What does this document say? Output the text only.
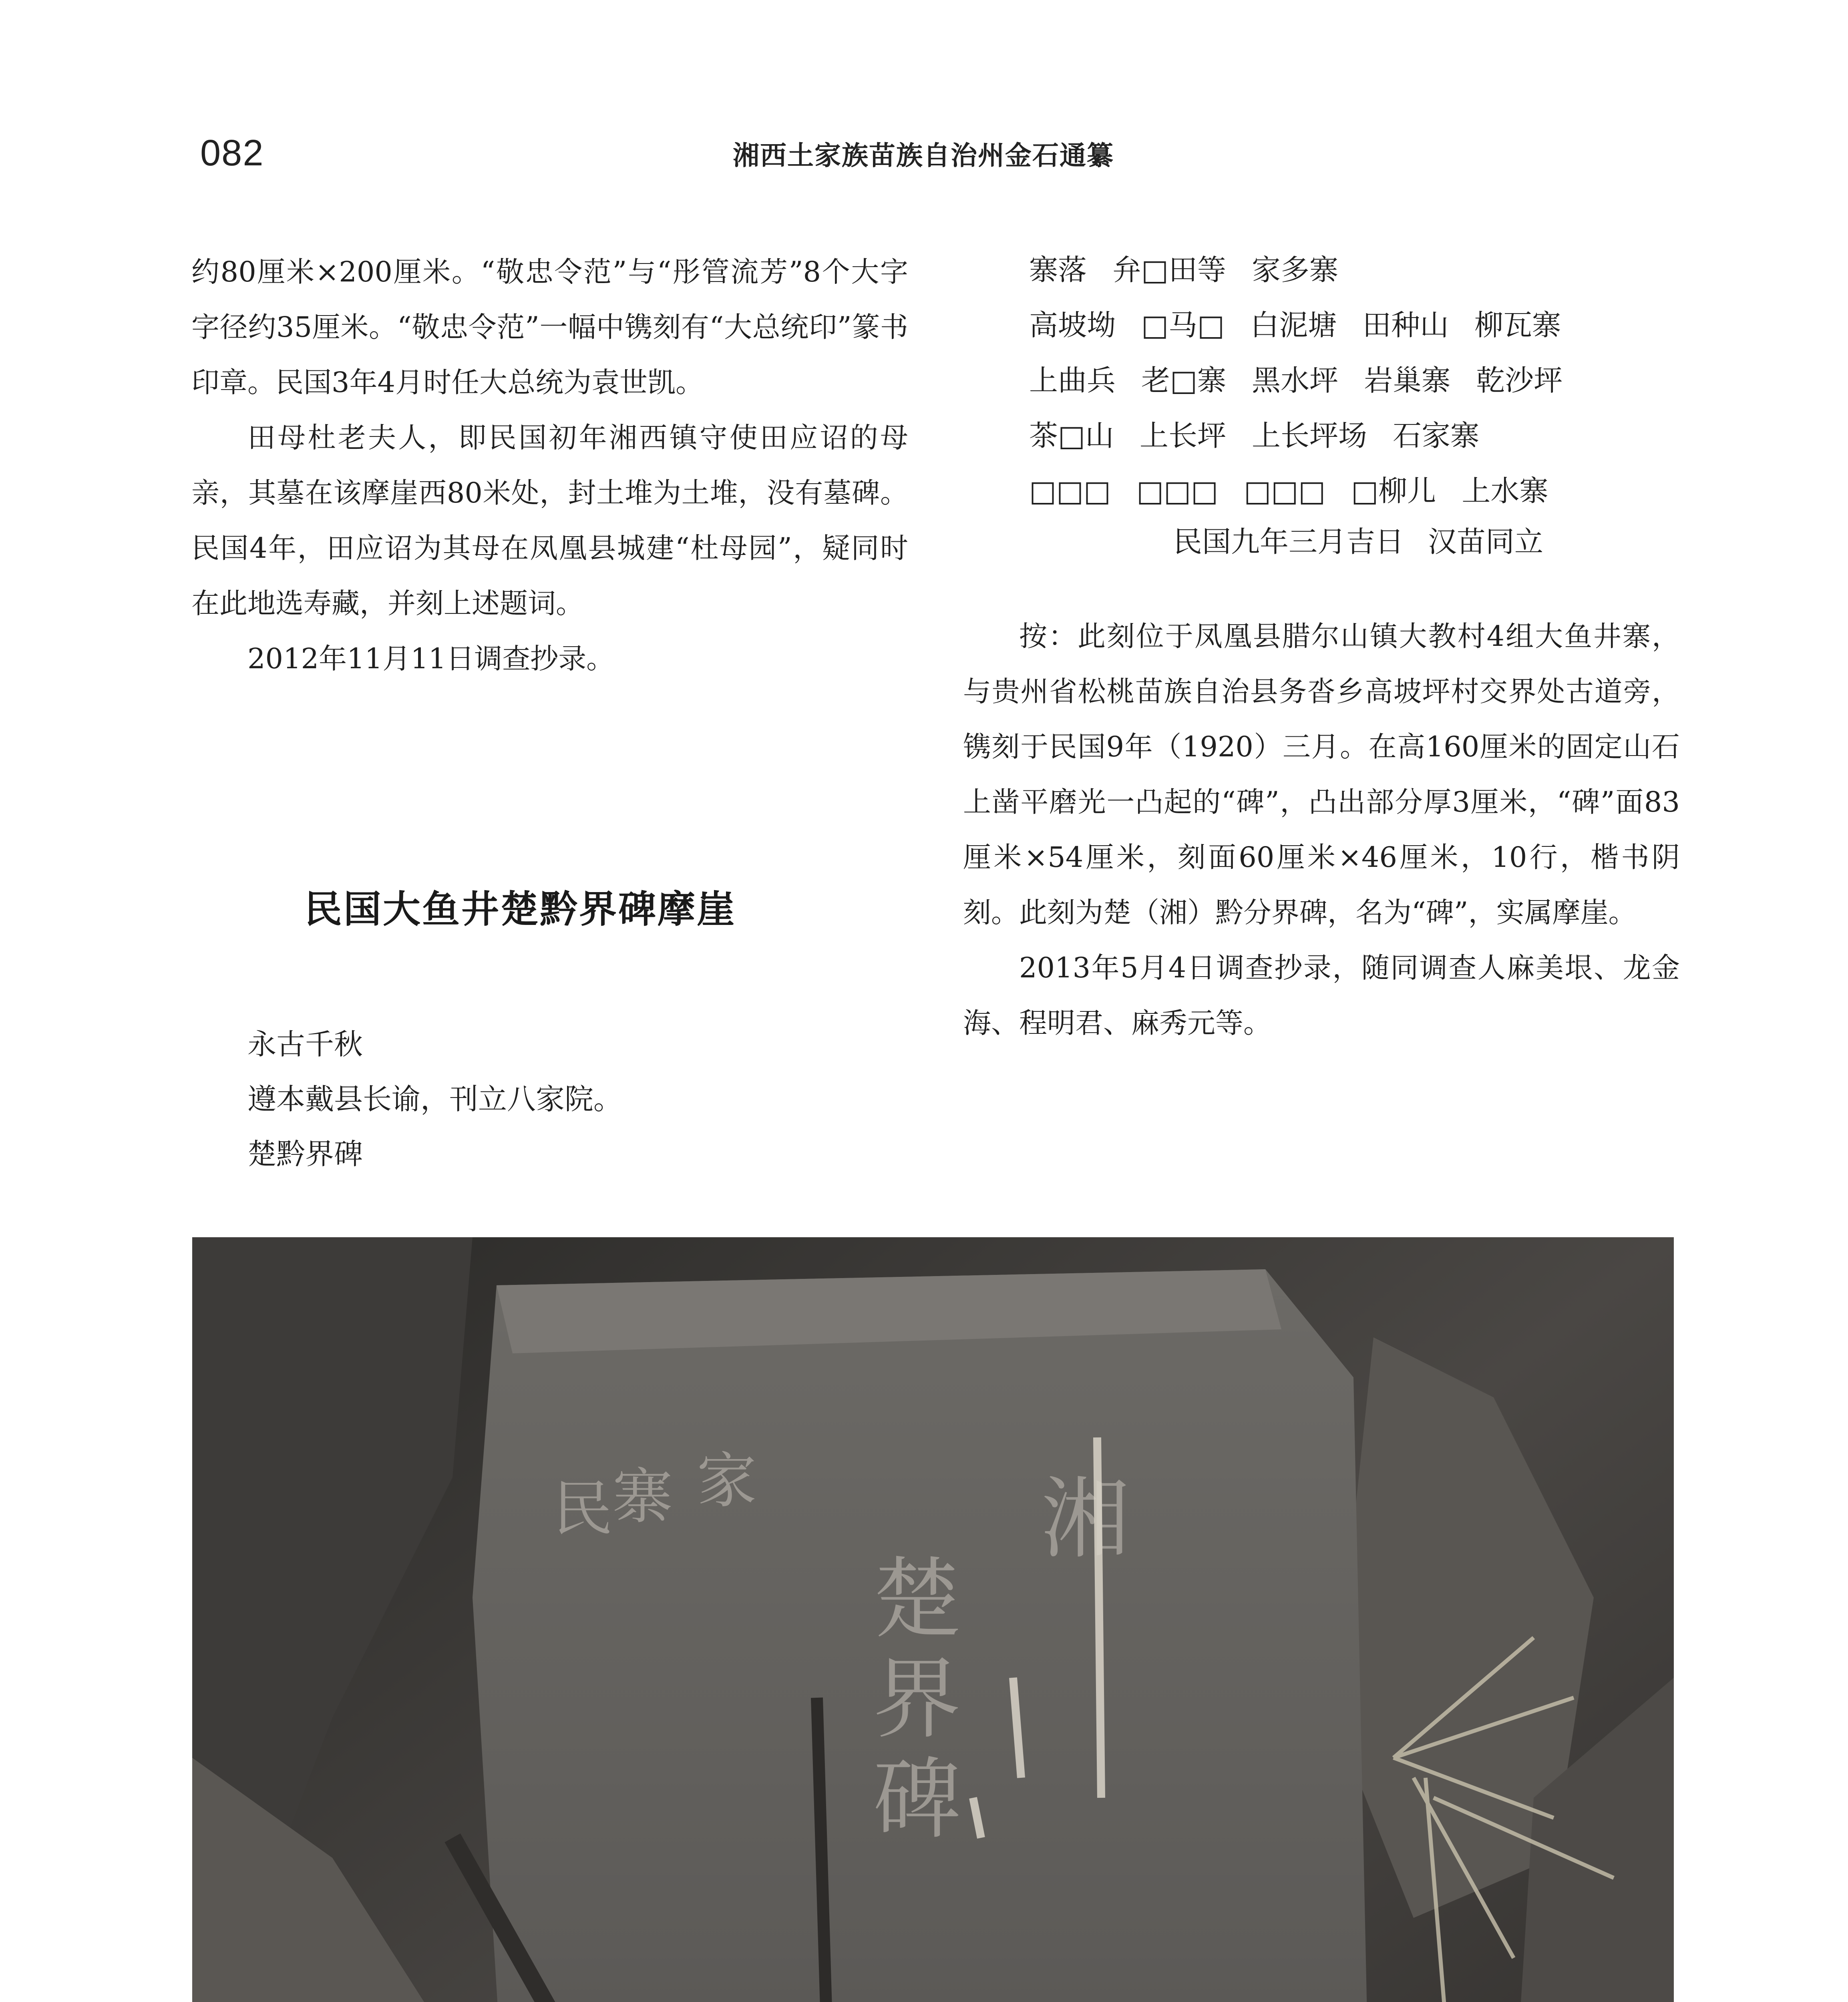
082	湘西土家族苗族自治州金石通纂

约80厘米×200厘米。“敬忠令范”与“彤管流芳”8个大字字径约35厘米。“敬忠令范”一幅中镌刻有“大总统印”篆书印章。民国3年4月时任大总统为袁世凯。

田母杜老夫人，即民国初年湘西镇守使田应诏的母亲，其墓在该摩崖西80米处，封土堆为土堆，没有墓碑。民国4年，田应诏为其母在凤凰县城建“杜母园”，疑同时在此地选寿藏，并刻上述题词。

2012年11月11日调查抄录。

民国大鱼井楚黔界碑摩崖
永古千秋
遵本戴县长谕，刊立八家院。
楚黔界碑
寨落 弁□田等 家多寨
高坡坳 □马□ 白泥塘 田种山 柳瓦寨
上曲兵 老□寨 黑水坪 岩巢寨 乾沙坪
茶□山 上长坪 上长坪场 石家寨
□□□ □□□ □□□ □柳儿 上水寨
民国九年三月吉日 汉苗同立

按：此刻位于凤凰县腊尔山镇大教村4组大鱼井寨，与贵州省松桃苗族自治县务沓乡高坡坪村交界处古道旁，镌刻于民国9年（1920）三月。在高160厘米的固定山石上凿平磨光一凸起的“碑”，凸出部分厚3厘米，“碑”面83厘米×54厘米，刻面60厘米×46厘米，10行，楷书阴刻。此刻为楚（湘）黔分界碑，名为“碑”，实属摩崖。

2013年5月4日调查抄录，随同调查人麻美垠、龙金海、程明君、麻秀元等。

湘
楚
界
碑
民 家
寨
